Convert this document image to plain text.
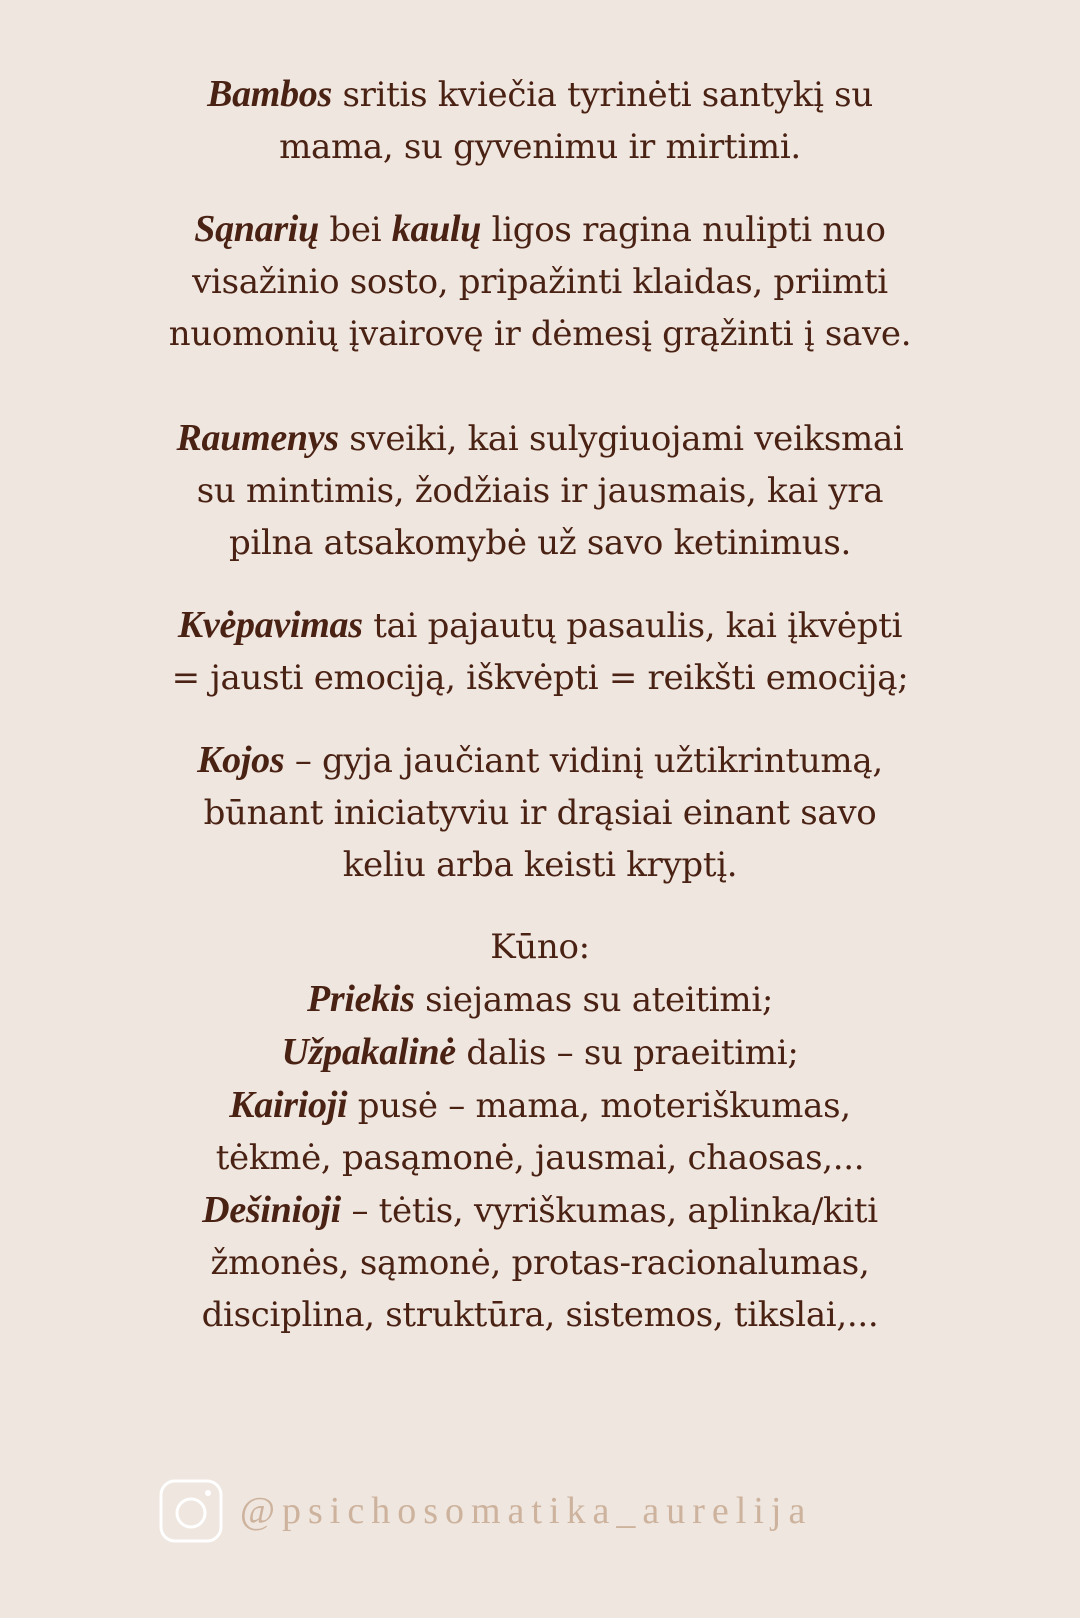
Bambos sritis kviečia tyrinėti santykį su
mama, su gyvenimu ir mirtimi.

Sąnarių bei kaulų ligos ragina nulipti nuo
visažinio sosto, pripažinti klaidas, priimti
nuomonių įvairovę ir dėmesį grąžinti į save.

Raumenys sveiki, kai sulygiuojami veiksmai
su mintimis, žodžiais ir jausmais, kai yra
pilna atsakomybė už savo ketinimus.

Kvėpavimas tai pajautų pasaulis, kai įkvėpti
= jausti emociją, iškvėpti = reikšti emociją;

Kojos – gyja jaučiant vidinį užtikrintumą,
būnant iniciatyviu ir drąsiai einant savo
keliu arba keisti kryptį.

Kūno:
Priekis siejamas su ateitimi;
Užpakalinė dalis – su praeitimi;
Kairioji pusė – mama, moteriškumas,
tėkmė, pasąmonė, jausmai, chaosas,...
Dešinioji – tėtis, vyriškumas, aplinka/kiti
žmonės, sąmonė, protas-racionalumas,
disciplina, struktūra, sistemos, tikslai,...

@psichosomatika_aurelija
